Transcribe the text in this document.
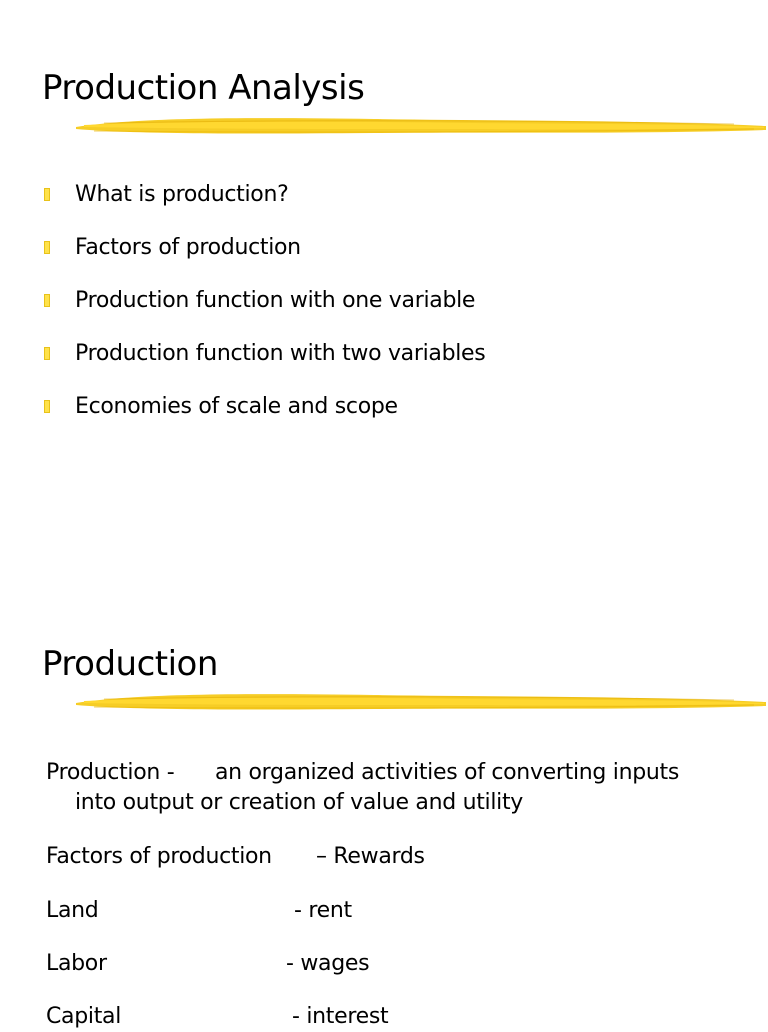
Production Analysis
What is production?
Factors of production
Production function with one variable
Production function with two variables
Economies of scale and scope
Production
Production - an organized activities of converting inputs
into output or creation of value and utility
Factors of production – Rewards
Land	- rent
Labor	- wages
Capital	- interest
